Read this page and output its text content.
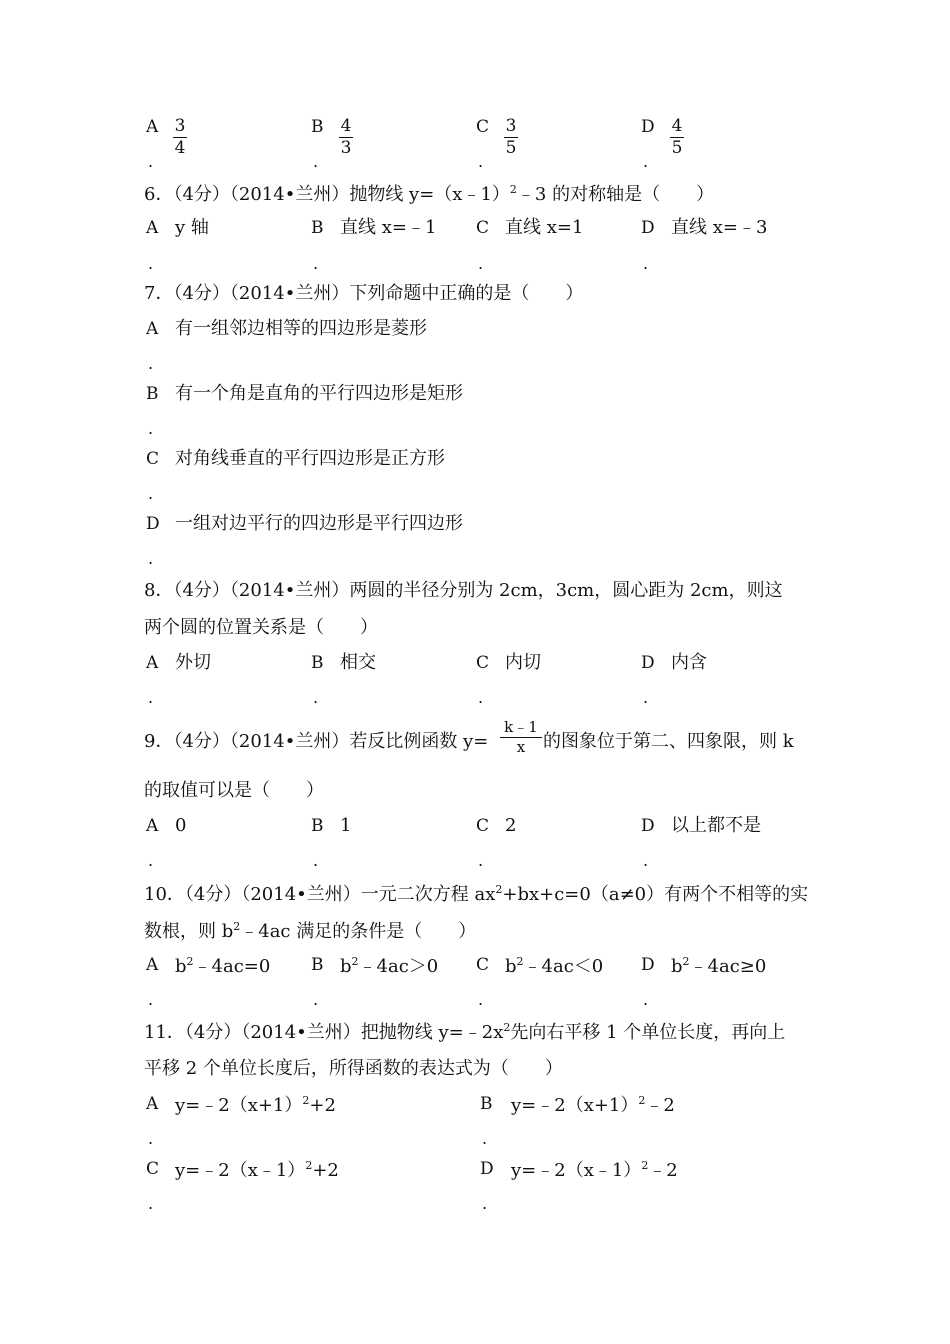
A 3
4
.
B 4
3
.
C 3
5
.
D 4
5
.
6．（4分）（2014•兰州）抛物线 y=（x﹣1）$^2$﹣3 的对称轴是（　　）
A y 轴
.
B 直线 x=﹣1
.
C 直线 x=1
.
D 直线 x=﹣3
.
7．（4分）（2014•兰州）下列命题中正确的是（　　）
A 有一组邻边相等的四边形是菱形
.
B 有一个角是直角的平行四边形是矩形
.
C 对角线垂直的平行四边形是正方形
.
D 一组对边平行的四边形是平行四边形
.
8．（4分）（2014•兰州）两圆的半径分别为 2cm，3cm，圆心距为 2cm，则这
两个圆的位置关系是（　　）
A 外切
.
B 相交
.
C 内切
.
D 内含
.
9．（4分）（2014•兰州）若反比例函数 y=
k﹣1
x 的图象位于第二、四象限，则 k
的取值可以是（　　）
A 0
.
B 1
.
C 2
.
D 以上都不是
.
10．（4分）（2014•兰州）一元二次方程 $ax^2+bx+c=0(a\ne 0)$有两个不相等的实
数根，则 $b^2﹣4ac$ 满足的条件是（　　）
A $b^2﹣4ac=0$
.
B $b^2﹣4ac>0$
.
C $b^2﹣4ac<0$
.
D $b^2﹣4ac\ge 0$
.
11．（4分）（2014•兰州）把抛物线 $y=﹣2x^2$先向右平移 1 个单位长度，再向上
平移 2 个单位长度后，所得函数的表达式为（　　）
A $y=﹣2(x+1)^2+2$
.
B $y=﹣2(x+1)^2﹣2$
.
C y=﹣2（x﹣1）$^2$+2
.
D y=﹣2（x﹣1）$^2$﹣2
.
